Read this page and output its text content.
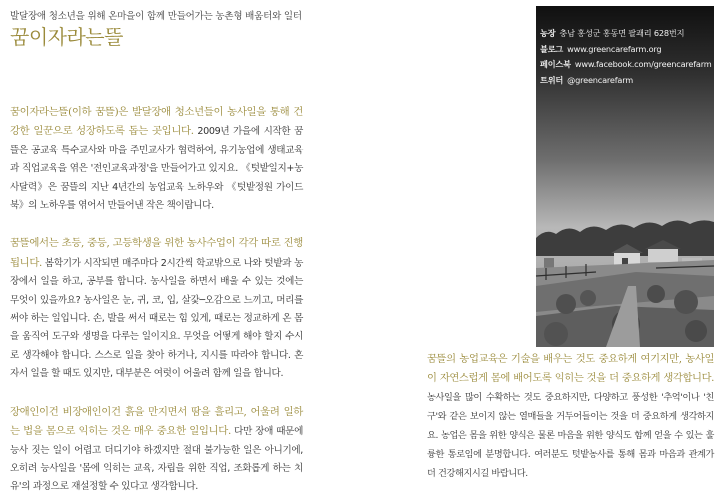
발달장애 청소년을 위해 온마을이 함께 만들어가는 농촌형 배움터와 일터
꿈이자라는뜰

꿈이자라는뜰(이하 꿈뜰)은 발달장애 청소년들이 농사일을 통해 건강한 일꾼으로 성장하도록 돕는 곳입니다. 2009년 가을에 시작한 꿈뜰은 공교육 특수교사와 마을 주민교사가 협력하여, 유기농업에 생태교육과 직업교육을 엮은 '전인교육과정'을 만들어가고 있지요. 《텃밭일지+농사달력》은 꿈뜰의 지난 4년간의 농업교육 노하우와 《텃밭정원 가이드북》의 노하우를 엮어서 만들어낸 작은 책이랍니다.

꿈뜰에서는 초등, 중등, 고등학생을 위한 농사수업이 각각 따로 진행됩니다. 봄학기가 시작되면 매주마다 2시간씩 학교밖으로 나와 텃밭과 농장에서 일을 하고, 공부를 합니다. 농사일을 하면서 배울 수 있는 것에는 무엇이 있을까요? 농사일은 눈, 귀, 코, 입, 살갗─오감으로 느끼고, 머리를 써야 하는 일입니다. 손, 발을 써서 때로는 힘 있게, 때로는 정교하게 온 몸을 움직여 도구와 생명을 다루는 일이지요. 무엇을 어떻게 해야 할지 수시로 생각해야 합니다. 스스로 일을 찾아 하거나, 지시를 따라야 합니다. 혼자서 일을 할 때도 있지만, 대부분은 여럿이 어울려 함께 일을 합니다.

장애인이건 비장애인이건 흙을 만지면서 땀을 흘리고, 어울려 일하는 법을 몸으로 익히는 것은 매우 중요한 일입니다. 다만 장애 때문에 능사 짓는 일이 어렵고 더디기야 하겠지만 절대 불가능한 일은 아니기에, 오히려 능사일을 '몸에 익히는 교육, 자립을 위한 직업, 조화롭게 하는 치유'의 과정으로 재설정할 수 있다고 생각합니다.

농장 충남 홍성군 홍동면 팔괘리 628번지
블로그 www.greencarefarm.org
페이스북 www.facebook.com/greencarefarm
트위터 @greencarefarm

꿈뜰의 농업교육은 기술을 배우는 것도 중요하게 여기지만, 농사일이 자연스럽게 몸에 배어도록 익히는 것을 더 중요하게 생각합니다. 농사일을 많이 수확하는 것도 중요하지만, 다양하고 풍성한 '추억'이나 '친구'와 같은 보이지 않는 열매들을 거두어들이는 것을 더 중요하게 생각하지요. 농업은 몸을 위한 양식은 물론 마음을 위한 양식도 함께 얻을 수 있는 훌륭한 통로임에 분명합니다. 여러분도 텃밭농사를 통해 몸과 마음과 관계가 더 건강해지시길 바랍니다.
